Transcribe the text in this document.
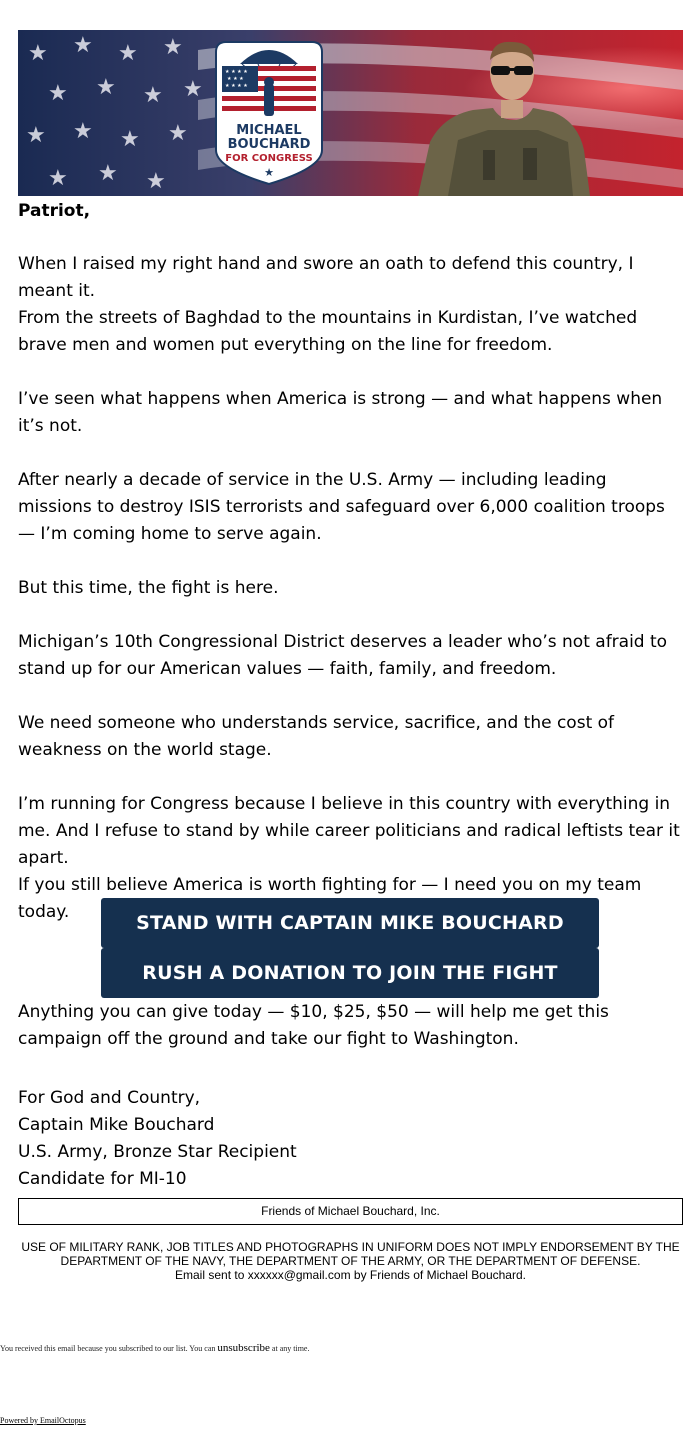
★ ★ ★ ★
★ ★ ★ ★
★ ★ ★ ★
★ ★ ★
★ ★ ★ ★
★ ★ ★
★ ★ ★ ★
MICHAEL
BOUCHARD
FOR CONGRESS
★
Patriot,
When I raised my right hand and swore an oath to defend this country, I meant it.
From the streets of Baghdad to the mountains in Kurdistan, I’ve watched brave men and women put everything on the line for freedom.
I’ve seen what happens when America is strong — and what happens when it’s not.
After nearly a decade of service in the U.S. Army — including leading missions to destroy ISIS terrorists and safeguard over 6,000 coalition troops — I’m coming home to serve again.
But this time, the fight is here.
Michigan’s 10th Congressional District deserves a leader who’s not afraid to stand up for our American values — faith, family, and freedom.
We need someone who understands service, sacrifice, and the cost of weakness on the world stage.
I’m running for Congress because I believe in this country with everything in me. And I refuse to stand by while career politicians and radical leftists tear it apart.
If you still believe America is worth fighting for — I need you on my team today.	STAND WITH CAPTAIN MIKE BOUCHARD
RUSH A DONATION TO JOIN THE FIGHT
Anything you can give today — $10, $25, $50 — will help me get this campaign off the ground and take our fight to Washington.
For God and Country,
Captain Mike Bouchard
U.S. Army, Bronze Star Recipient
Candidate for MI-10
Friends of Michael Bouchard, Inc.
USE OF MILITARY RANK, JOB TITLES AND PHOTOGRAPHS IN UNIFORM DOES NOT IMPLY ENDORSEMENT BY THE DEPARTMENT OF THE NAVY, THE DEPARTMENT OF THE ARMY, OR THE DEPARTMENT OF DEFENSE.
Email sent to xxxxxx@gmail.com by Friends of Michael Bouchard.
You received this email because you subscribed to our list. You can unsubscribe at any time.
Powered by EmailOctopus
